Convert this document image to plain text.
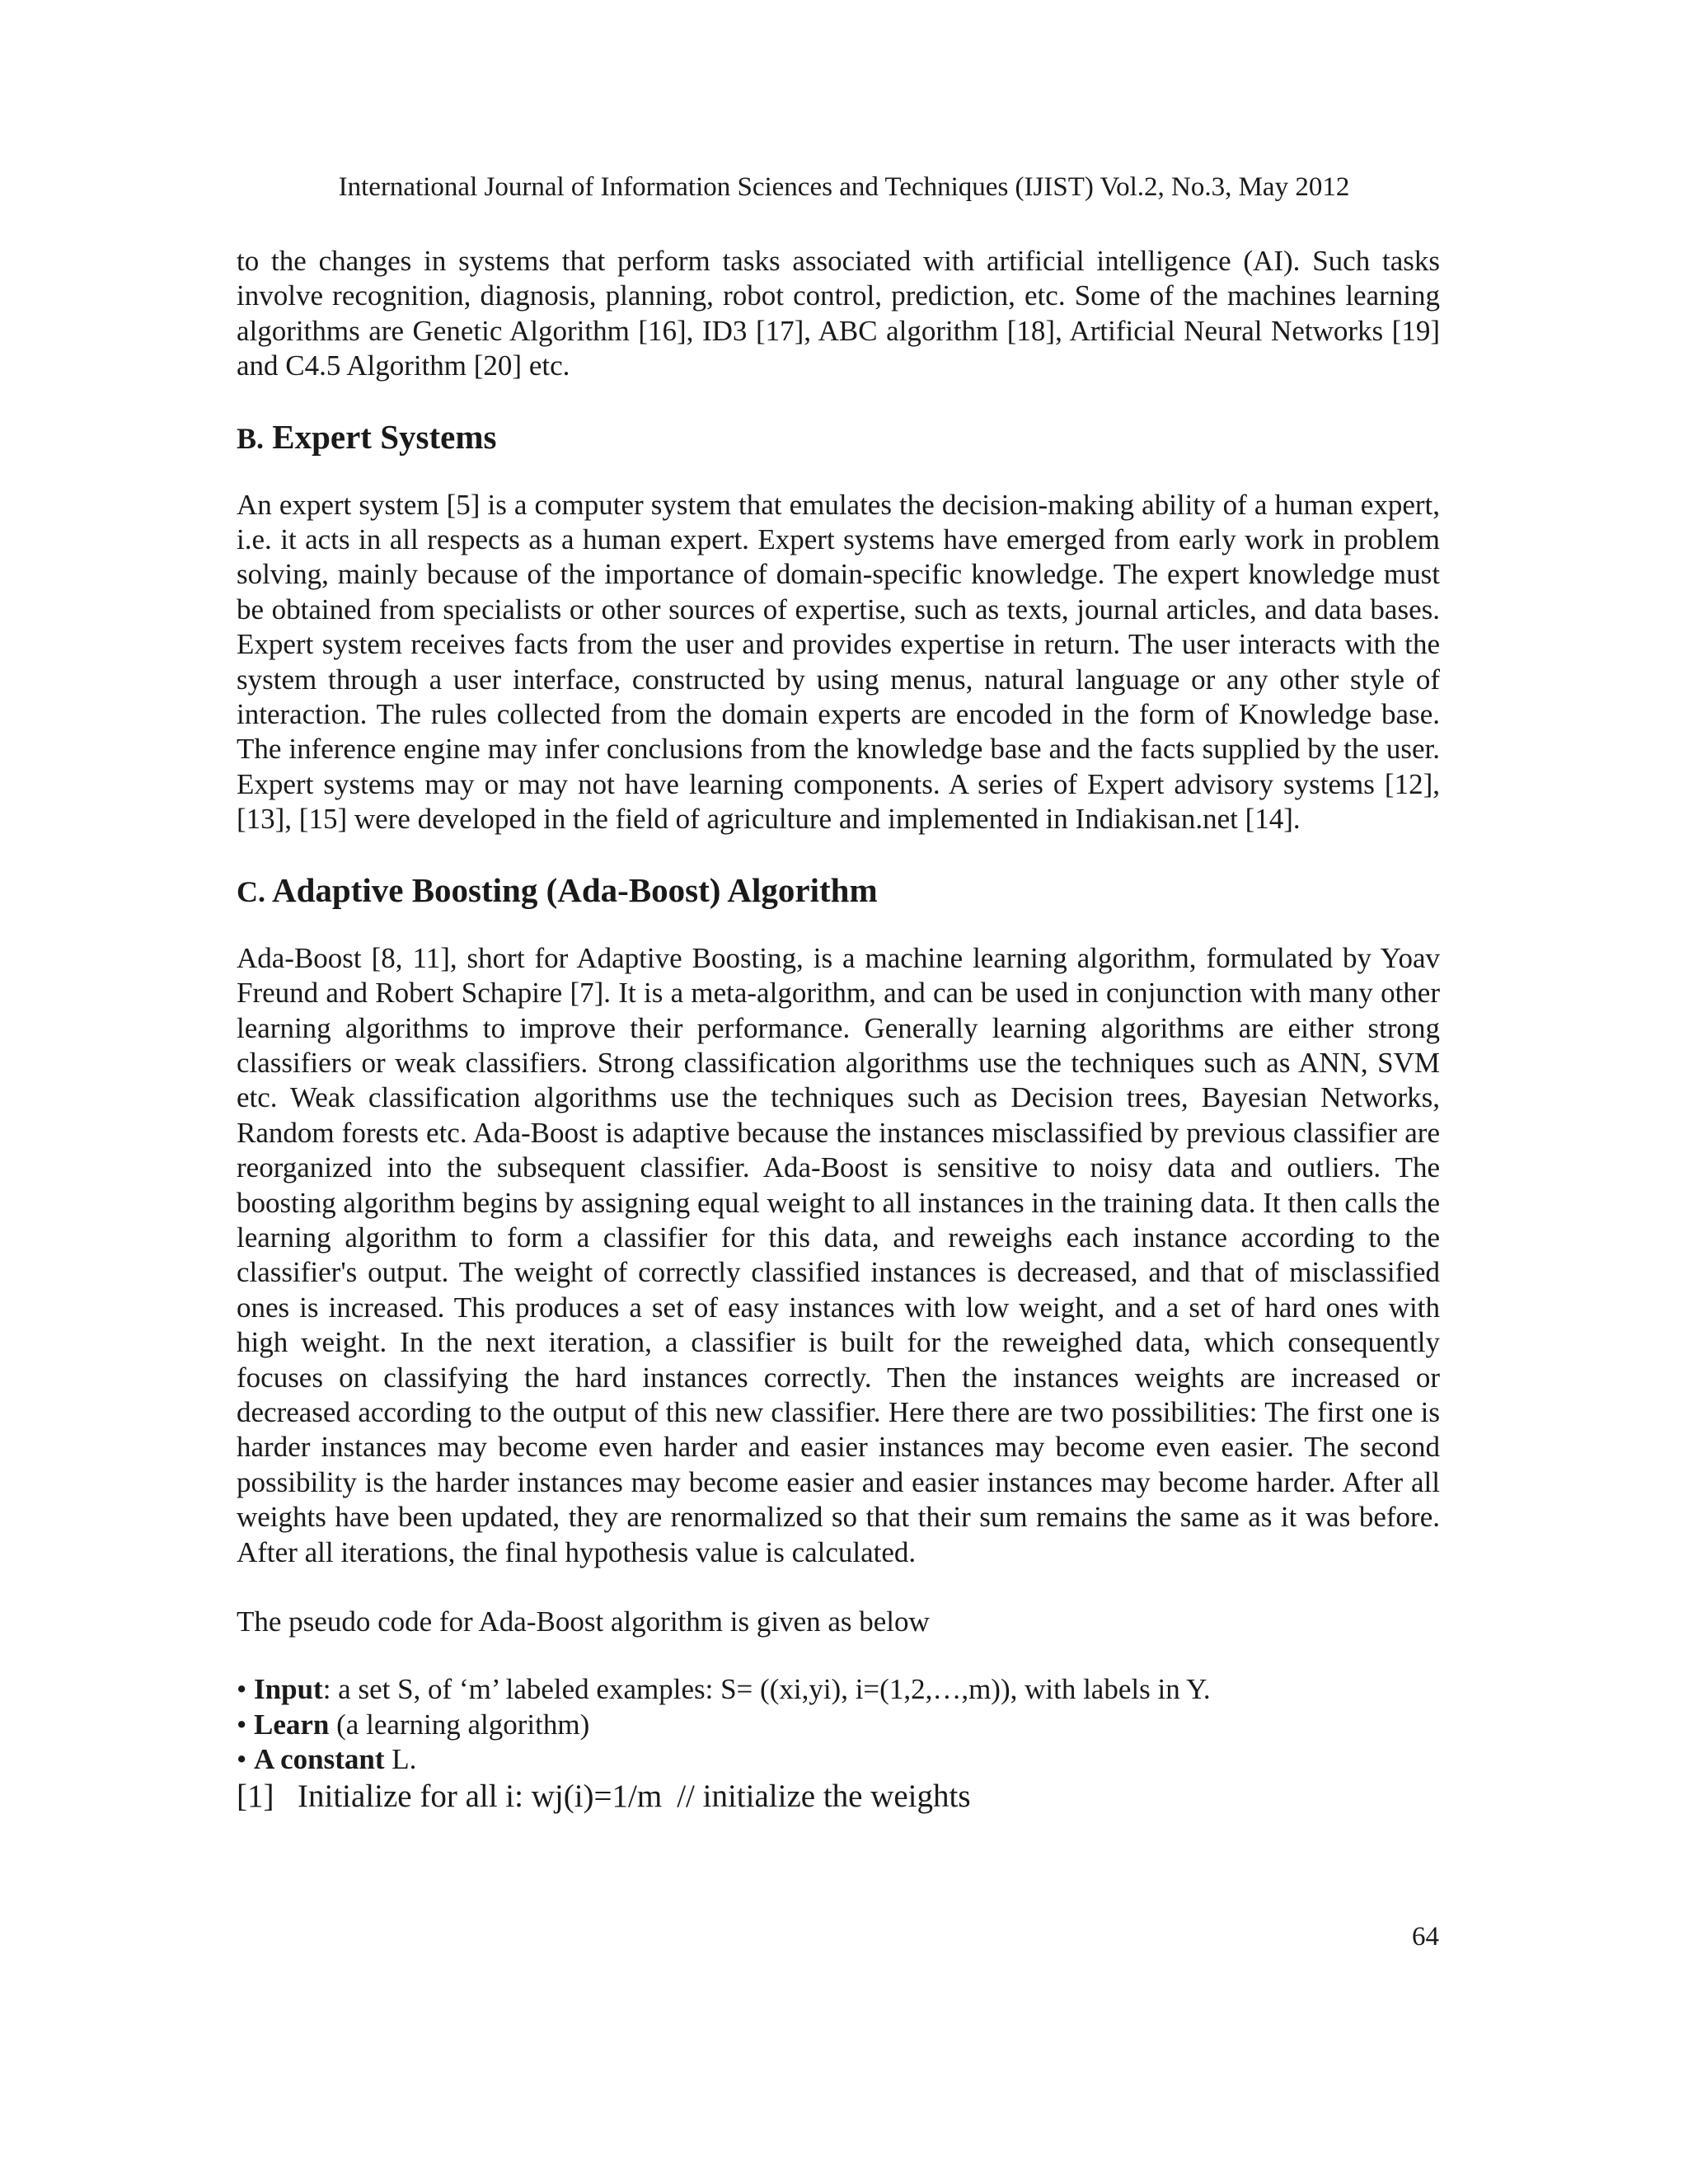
International Journal of Information Sciences and Techniques (IJIST) Vol.2, No.3, May 2012

to the changes in systems that perform tasks associated with artificial intelligence (AI). Such tasks involve recognition, diagnosis, planning, robot control, prediction, etc. Some of the machines learning algorithms are Genetic Algorithm [16], ID3 [17], ABC algorithm [18], Artificial Neural Networks [19] and C4.5 Algorithm [20] etc.

B. Expert Systems

An expert system [5] is a computer system that emulates the decision-making ability of a human expert, i.e. it acts in all respects as a human expert. Expert systems have emerged from early work in problem solving, mainly because of the importance of domain-specific knowledge. The expert knowledge must be obtained from specialists or other sources of expertise, such as texts, journal articles, and data bases. Expert system receives facts from the user and provides expertise in return. The user interacts with the system through a user interface, constructed by using menus, natural language or any other style of interaction. The rules collected from the domain experts are encoded in the form of Knowledge base. The inference engine may infer conclusions from the knowledge base and the facts supplied by the user. Expert systems may or may not have learning components. A series of Expert advisory systems [12], [13], [15] were developed in the field of agriculture and implemented in Indiakisan.net [14].

C. Adaptive Boosting (Ada-Boost) Algorithm

Ada-Boost [8, 11], short for Adaptive Boosting, is a machine learning algorithm, formulated by Yoav Freund and Robert Schapire [7]. It is a meta-algorithm, and can be used in conjunction with many other learning algorithms to improve their performance. Generally learning algorithms are either strong classifiers or weak classifiers. Strong classification algorithms use the techniques such as ANN, SVM etc. Weak classification algorithms use the techniques such as Decision trees, Bayesian Networks, Random forests etc. Ada-Boost is adaptive because the instances misclassified by previous classifier are reorganized into the subsequent classifier. Ada-Boost is sensitive to noisy data and outliers. The boosting algorithm begins by assigning equal weight to all instances in the training data. It then calls the learning algorithm to form a classifier for this data, and reweighs each instance according to the classifier's output. The weight of correctly classified instances is decreased, and that of misclassified ones is increased. This produces a set of easy instances with low weight, and a set of hard ones with high weight. In the next iteration, a classifier is built for the reweighed data, which consequently focuses on classifying the hard instances correctly. Then the instances weights are increased or decreased according to the output of this new classifier. Here there are two possibilities: The first one is harder instances may become even harder and easier instances may become even easier. The second possibility is the harder instances may become easier and easier instances may become harder. After all weights have been updated, they are renormalized so that their sum remains the same as it was before. After all iterations, the final hypothesis value is calculated.

The pseudo code for Ada-Boost algorithm is given as below

• Input: a set S, of ‘m’ labeled examples: S= ((xi,yi), i=(1,2,…,m)), with labels in Y.
• Learn (a learning algorithm)
• A constant L.

[1] Initialize for all i: wj(i)=1/m // initialize the weights

64
